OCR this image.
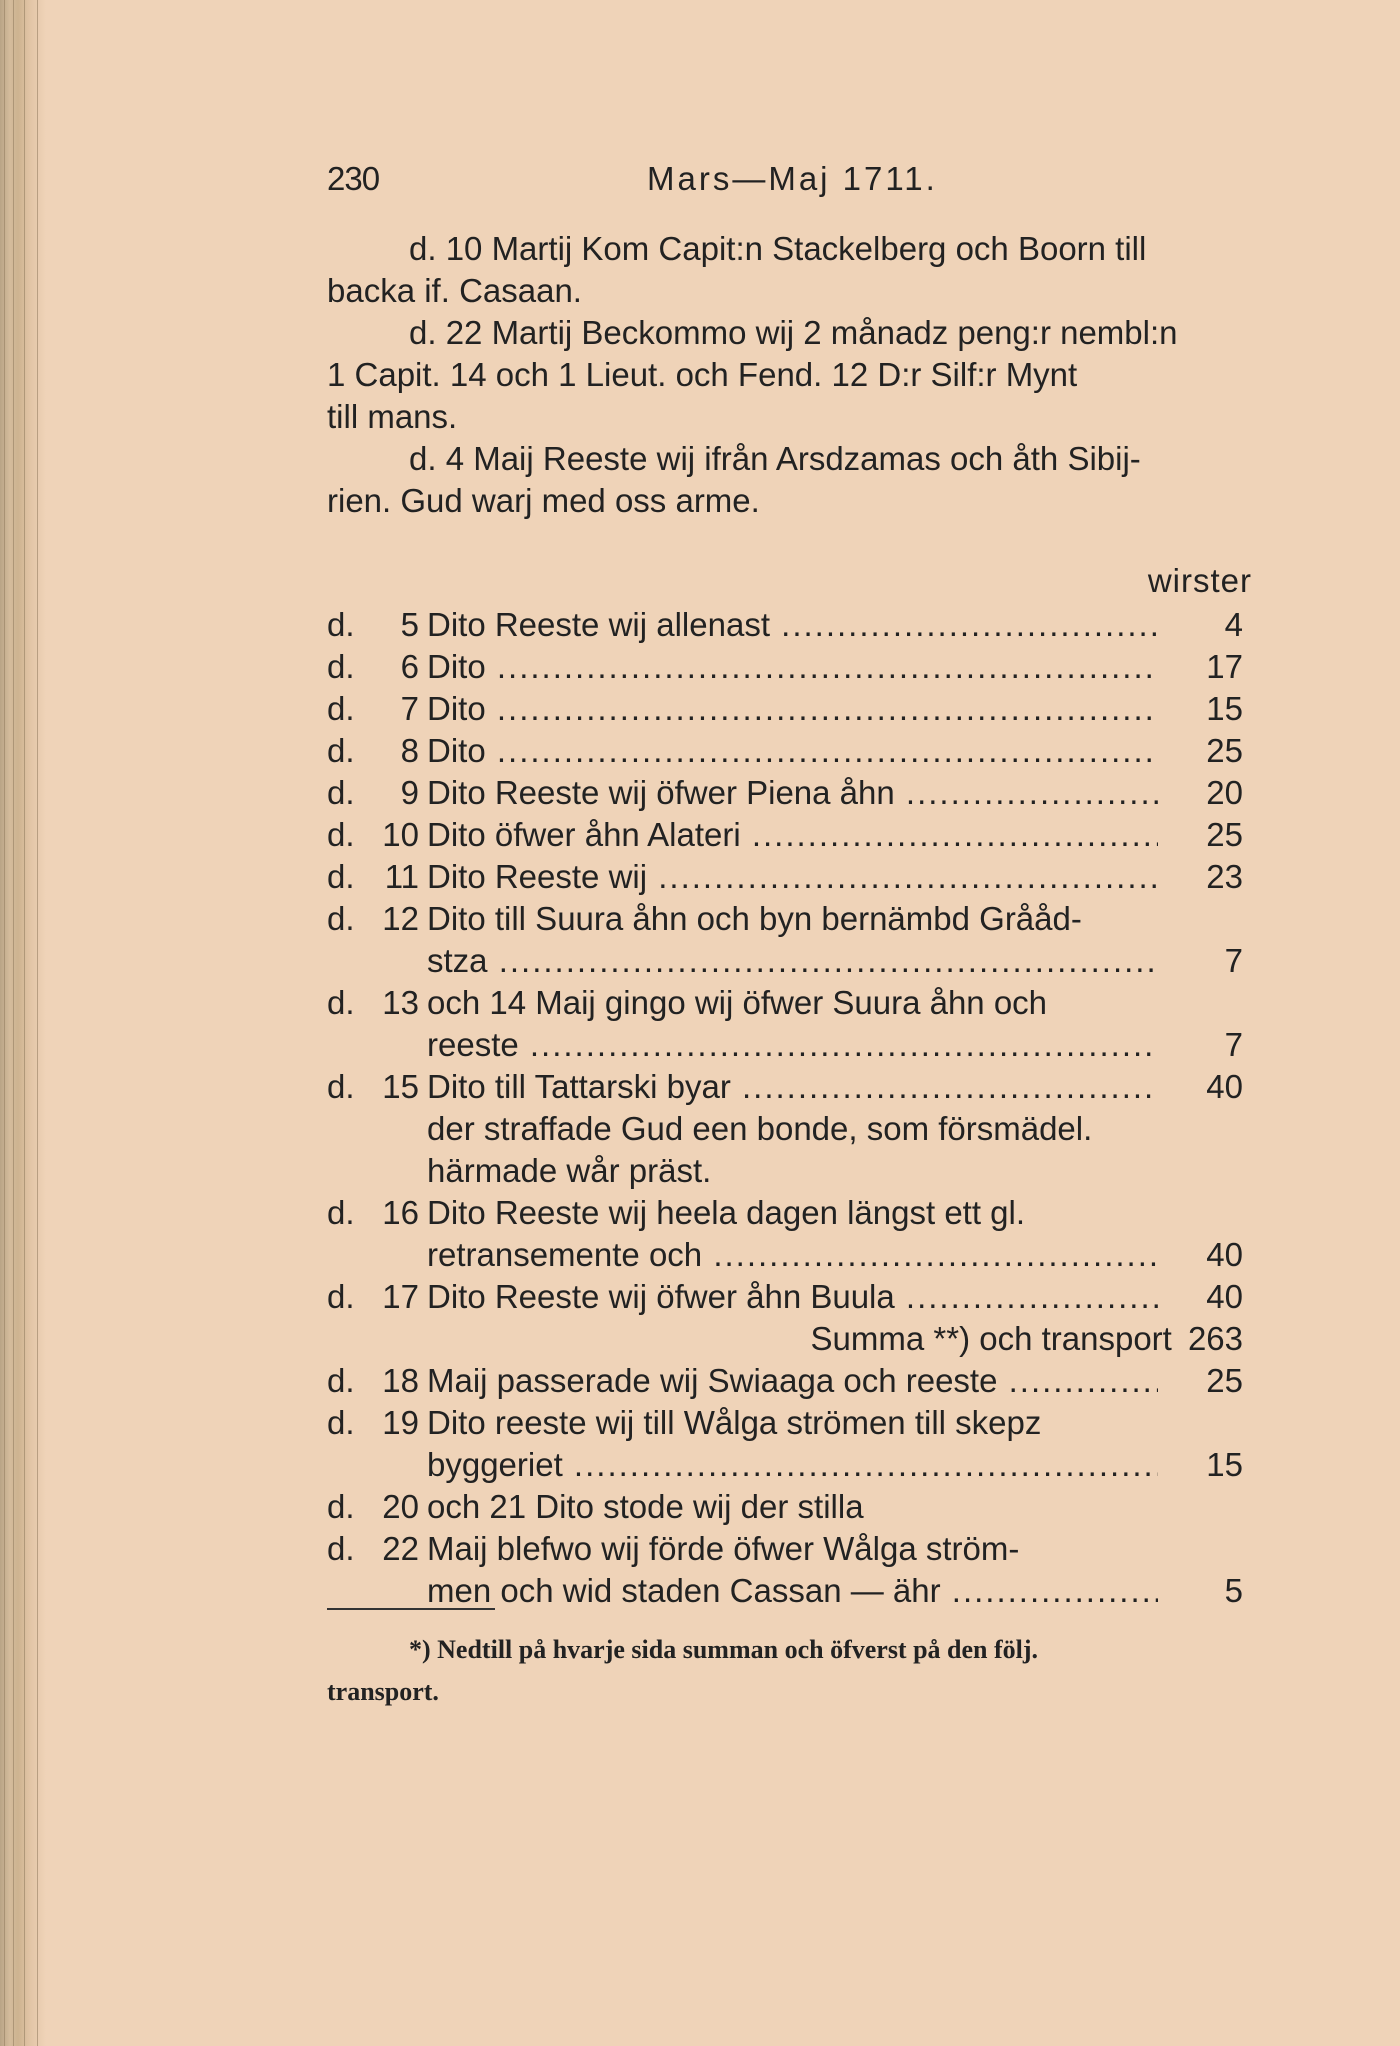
230	Mars—Maj 1711.
d. 10 Martij Kom Capit:n Stackelberg och Boorn till
backa if. Casaan.
d. 22 Martij Beckommo wij 2 månadz peng:r nembl:n
1 Capit. 14 och 1 Lieut. och Fend. 12 D:r Silf:r Mynt
till mans.
d. 4 Maij Reeste wij ifrån Arsdzamas och åth Sibij-
rien. Gud warj med oss arme.
wirster
d.	5 Dito Reeste wij allenast .....	4
d.	6 Dito .....	17
d.	7 Dito .....	15
d.	8 Dito .....	25
d.	9 Dito Reeste wij öfwer Piena åhn .....	20
d. 10 Dito öfwer åhn Alateri .....	25
d. 11 Dito Reeste wij .....	23
d. 12 Dito till Suura åhn och byn bernämbd Grååd-
stza .....	7
d. 13 och 14 Maij gingo wij öfwer Suura åhn och
reeste .....	7
d. 15 Dito till Tattarski byar .....	40
der straffade Gud een bonde, som försmädel.
härmade wår präst.
d. 16 Dito Reeste wij heela dagen längst ett gl.
retransemente och .....	40
d. 17 Dito Reeste wij öfwer åhn Buula .....	40
Summa **) och transport 263
d. 18 Maij passerade wij Swiaaga och reeste .....	25
d. 19 Dito reeste wij till Wålga strömen till skepz
byggeriet .....	15
d. 20 och 21 Dito stode wij der stilla
d. 22 Maij blefwo wij förde öfwer Wålga ström-
men och wid staden Cassan — ähr .....	5
*) Nedtill på hvarje sida summan och öfverst på den följ.
transport.
